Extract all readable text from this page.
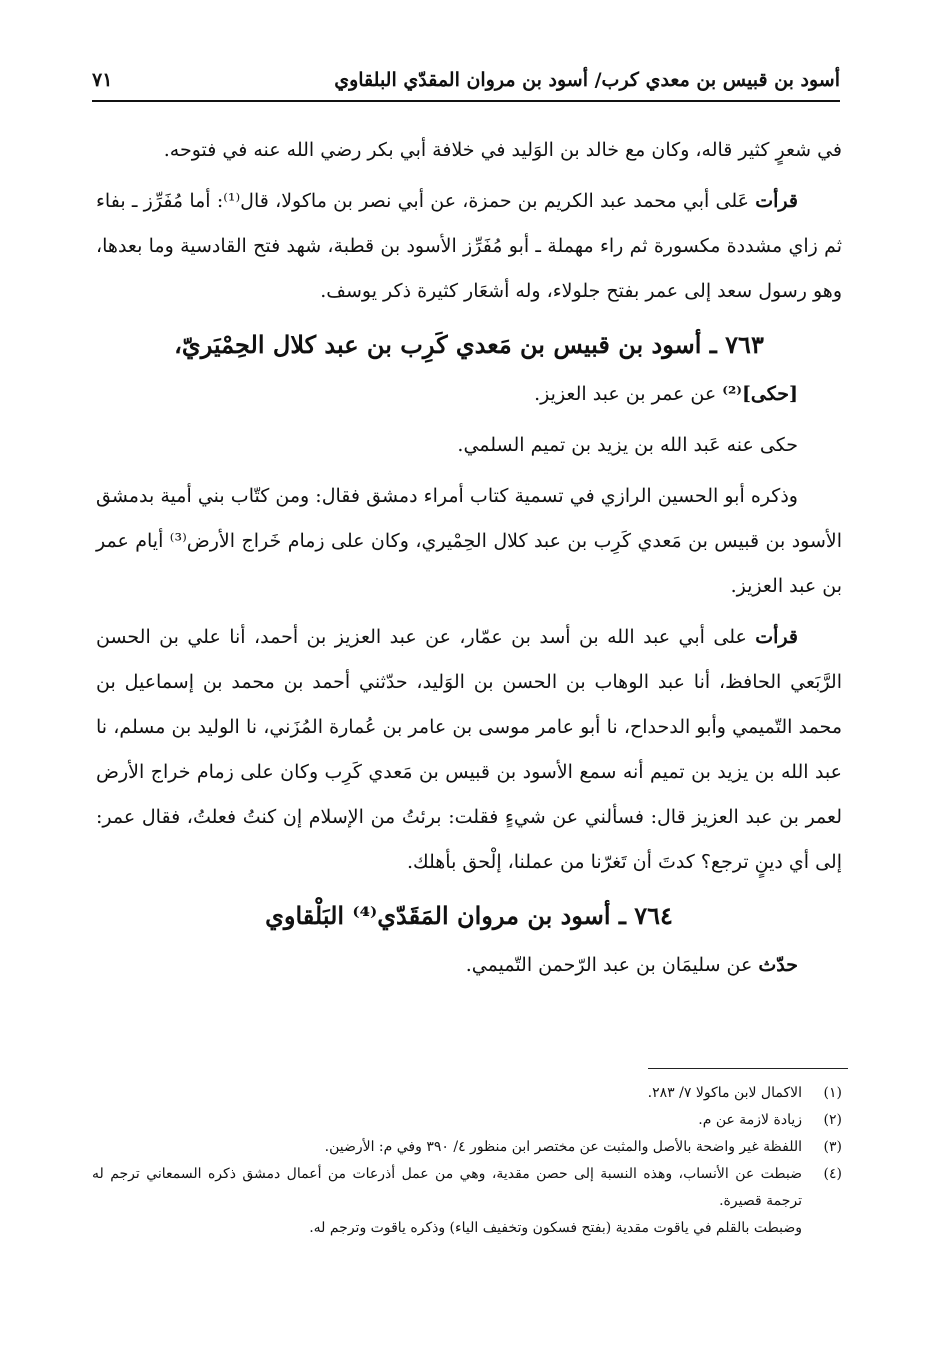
٧١	أسود بن قبيس بن معدي كرب/ أسود بن مروان المقدّي البلقاوي

في شعرٍ كثير قاله، وكان مع خالد بن الوَليد في خلافة أبي بكر رضي الله عنه في فتوحه.

قرأت عَلى أبي محمد عبد الكريم بن حمزة، عن أبي نصر بن ماكولا، قال⁽¹⁾: أما مُفَرِّز ـ بفاء ثم زاي مشددة مكسورة ثم راء مهملة ـ أبو مُفَرِّز الأسود بن قطبة، شهد فتح القادسية وما بعدها، وهو رسول سعد إلى عمر بفتح جلولاء، وله أشعَار كثيرة ذكر يوسف.

٧٦٣ ـ أسود بن قبيس بن مَعدي كَرِب بن عبد كلال الحِمْيَريّ،

[حكى]⁽²⁾ عن عمر بن عبد العزيز.

حكى عنه عَبد الله بن يزيد بن تميم السلمي.

وذكره أبو الحسين الرازي في تسمية كتاب أمراء دمشق فقال: ومن كتّاب بني أمية بدمشق الأسود بن قبيس بن مَعدي كَرِب بن عبد كلال الحِمْيري، وكان على زمام خَراج الأرض⁽³⁾ أيام عمر بن عبد العزيز.

قرأت على أبي عبد الله بن أسد بن عمّار، عن عبد العزيز بن أحمد، أنا علي بن الحسن الرَّبَعي الحافظ، أنا عبد الوهاب بن الحسن بن الوَليد، حدّثني أحمد بن محمد بن إسماعيل بن محمد التّميمي وأبو الدحداح، نا أبو عامر موسى بن عامر بن عُمارة المُزَني، نا الوليد بن مسلم، نا عبد الله بن يزيد بن تميم أنه سمع الأسود بن قبيس بن مَعدي كَرِب وكان على زمام خراج الأرض لعمر بن عبد العزيز قال: فسألني عن شيءٍ فقلت: برئتُ من الإسلام إن كنتُ فعلتُ، فقال عمر: إلى أي دينٍ ترجع؟ كدتَ أن تَغرّنا من عملنا، إلْحق بأهلك.

٧٦٤ ـ أسود بن مروان المَقَدّي⁽⁴⁾ البَلْقاوي

حدّث عن سليمَان بن عبد الرّحمن التّميمي.

(١)
الاكمال لابن ماكولا ٧/ ٢٨٣.
(٢)
زيادة لازمة عن م.
(٣)
اللفظة غير واضحة بالأصل والمثبت عن مختصر ابن منظور ٤/ ٣٩٠ وفي م: الأرضين.
(٤)
ضبطت عن الأنساب، وهذه النسبة إلى حصن مقدية، وهي من عمل أذرعات من أعمال دمشق ذكره السمعاني ترجم له ترجمة قصيرة.
وضبطت بالقلم في ياقوت مقدية (بفتح فسكون وتخفيف الياء) وذكره ياقوت وترجم له.
